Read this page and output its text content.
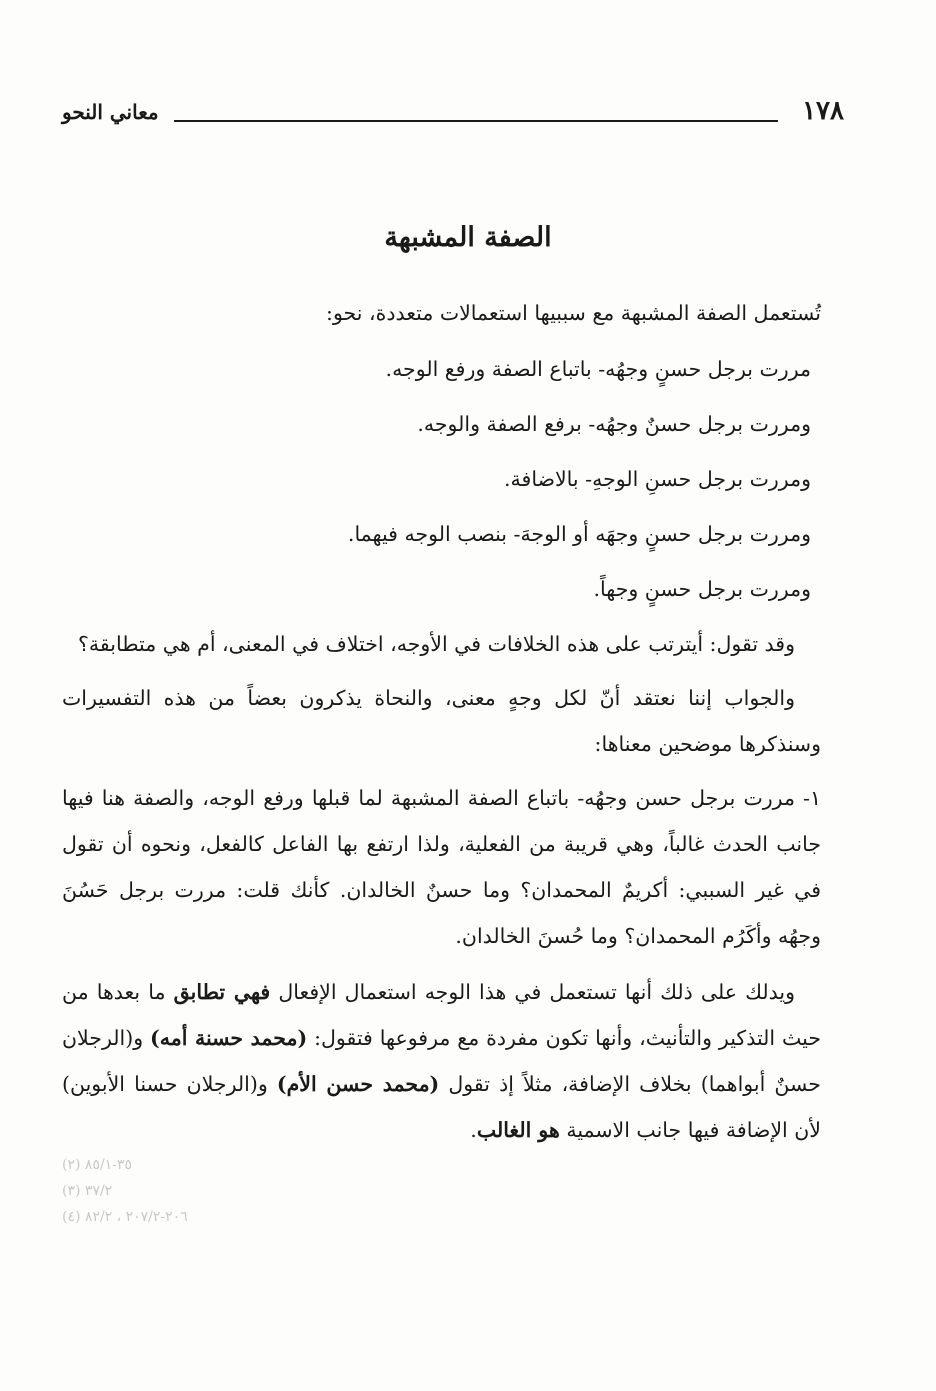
١٧٨
معاني النحو
الصفة المشبهة

تُستعمل الصفة المشبهة مع سببيها استعمالات متعددة، نحو:

مررت برجل حسنٍ وجهُه- باتباع الصفة ورفع الوجه.

ومررت برجل حسنٌ وجهُه- برفع الصفة والوجه.

ومررت برجل حسنِ الوجهِ- بالاضافة.

ومررت برجل حسنٍ وجهَه أو الوجهَ- بنصب الوجه فيهما.

ومررت برجل حسنٍ وجهاً.

وقد تقول: أيترتب على هذه الخلافات في الأوجه، اختلاف في المعنى، أم هي متطابقة؟

والجواب إننا نعتقد أنّ لكل وجهٍ معنى، والنحاة يذكرون بعضاً من هذه التفسيرات وسنذكرها موضحين معناها:

١- مررت برجل حسن وجهُه- باتباع الصفة المشبهة لما قبلها ورفع الوجه، والصفة هنا فيها جانب الحدث غالباً، وهي قريبة من الفعلية، ولذا ارتفع بها الفاعل كالفعل، ونحوه أن تقول في غير السببي: أكريمٌ المحمدان؟ وما حسنٌ الخالدان. كأنك قلت: مررت برجل حَسُنَ وجهُه وأكَرُم المحمدان؟ وما حُسنَ الخالدان.

ويدلك على ذلك أنها تستعمل في هذا الوجه استعمال الإفعال فهي تطابق ما بعدها من حيث التذكير والتأنيث، وأنها تكون مفردة مع مرفوعها فتقول: (محمد حسنة أمه) و(الرجلان حسنٌ أبواهما) بخلاف الإضافة، مثلاً إذ تقول (محمد حسن الأم) و(الرجلان حسنا الأبوين) لأن الإضافة فيها جانب الاسمية هو الغالب.

(٢) ٣٥-٨٥/١
(٣) ٣٧/٢
(٤) ٢٠٦-٢٠٧/٢ ، ٨٢/٢
